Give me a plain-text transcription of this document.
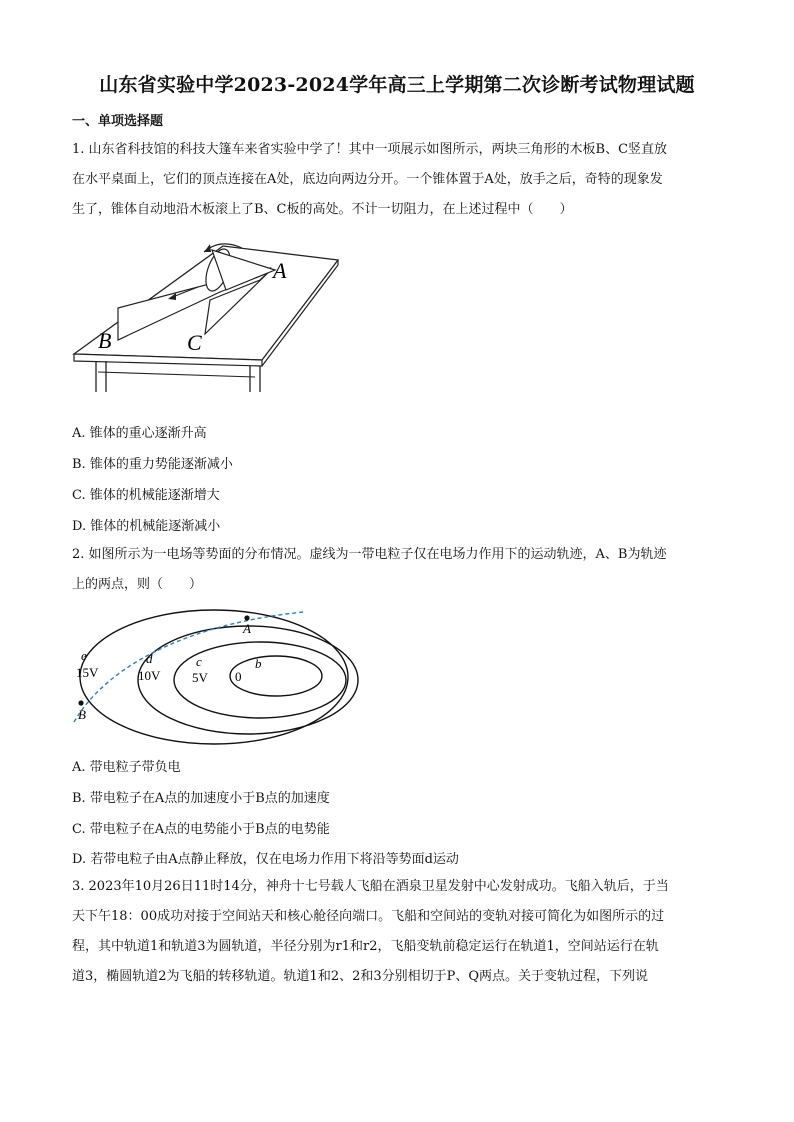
山东省实验中学2023-2024学年高三上学期第二次诊断考试物理试题
一、单项选择题
1. 山东省科技馆的科技大篷车来省实验中学了！其中一项展示如图所示，两块三角形的木板B、C竖直放
在水平桌面上，它们的顶点连接在A处，底边向两边分开。一个锥体置于A处，放手之后，奇特的现象发
生了，锥体自动地沿木板滚上了B、C板的高处。不计一切阻力，在上述过程中（　　）
A
B	C
A. 锥体的重心逐渐升高
B. 锥体的重力势能逐渐减小
C. 锥体的机械能逐渐增大
D. 锥体的机械能逐渐减小
2. 如图所示为一电场等势面的分布情况。虚线为一带电粒子仅在电场力作用下的运动轨迹，A、B为轨迹
上的两点，则（　　）
A
B
e
15V
d
10V
c
5V
b
0
A. 带电粒子带负电
B. 带电粒子在A点的加速度小于B点的加速度
C. 带电粒子在A点的电势能小于B点的电势能
D. 若带电粒子由A点静止释放，仅在电场力作用下将沿等势面d运动
3. 2023年10月26日11时14分，神舟十七号载人飞船在酒泉卫星发射中心发射成功。飞船入轨后，于当
天下午18：00成功对接于空间站天和核心舱径向端口。飞船和空间站的变轨对接可简化为如图所示的过
程，其中轨道1和轨道3为圆轨道，半径分别为r1和r2，飞船变轨前稳定运行在轨道1，空间站运行在轨
道3，椭圆轨道2为飞船的转移轨道。轨道1和2、2和3分别相切于P、Q两点。关于变轨过程，下列说
